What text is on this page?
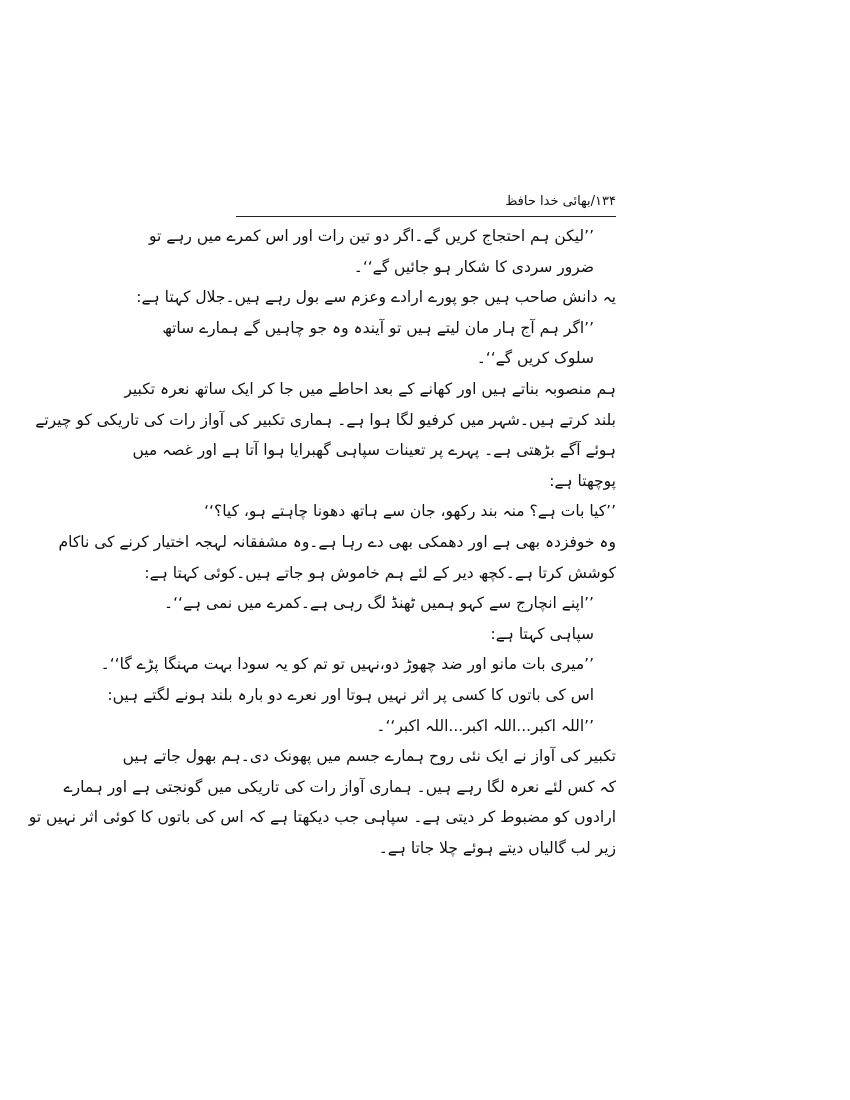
۱۳۴/بھائی خدا حافظ
’’لیکن ہم احتجاج کریں گے۔اگر دو تین رات اور اس کمرے میں رہے تو
ضرور سردی کا شکار ہو جائیں گے‘‘۔
یہ دانش صاحب ہیں جو پورے ارادے وعزم سے بول رہے ہیں۔جلال کہتا ہے:
’’اگر ہم آج ہار مان لیتے ہیں تو آیندہ وہ جو چاہیں گے ہمارے ساتھ
سلوک کریں گے‘‘۔
ہم منصوبہ بناتے ہیں اور کھانے کے بعد احاطے میں جا کر ایک ساتھ نعرہ تکبیر
بلند کرتے ہیں۔شہر میں کرفیو لگا ہوا ہے۔ ہماری تکبیر کی آواز رات کی تاریکی کو چیرتے
ہوئے آگے بڑھتی ہے۔ پہرے پر تعینات سپاہی گھبرایا ہوا آتا ہے اور غصہ میں
پوچھتا ہے:
’’کیا بات ہے؟ منہ بند رکھو، جان سے ہاتھ دھونا چاہتے ہو، کیا؟‘‘
وہ خوفزدہ بھی ہے اور دھمکی بھی دے رہا ہے۔وہ مشفقانہ لہجہ اختیار کرنے کی ناکام
کوشش کرتا ہے۔کچھ دیر کے لئے ہم خاموش ہو جاتے ہیں۔کوئی کہتا ہے:
’’اپنے انچارج سے کہو ہمیں ٹھنڈ لگ رہی ہے۔کمرے میں نمی ہے‘‘۔
سپاہی کہتا ہے:
’’میری بات مانو اور ضد چھوڑ دو،نہیں تو تم کو یہ سودا بہت مہنگا پڑے گا‘‘۔
اس کی باتوں کا کسی پر اثر نہیں ہوتا اور نعرے دو بارہ بلند ہونے لگتے ہیں:
’’اللہ اکبر...اللہ اکبر...اللہ اکبر‘‘۔
تکبیر کی آواز نے ایک نئی روح ہمارے جسم میں پھونک دی۔ہم بھول جاتے ہیں
کہ کس لئے نعرہ لگا رہے ہیں۔ ہماری آواز رات کی تاریکی میں گونجتی ہے اور ہمارے
ارادوں کو مضبوط کر دیتی ہے۔ سپاہی جب دیکھتا ہے کہ اس کی باتوں کا کوئی اثر نہیں تو
زیر لب گالیاں دیتے ہوئے چلا جاتا ہے۔
